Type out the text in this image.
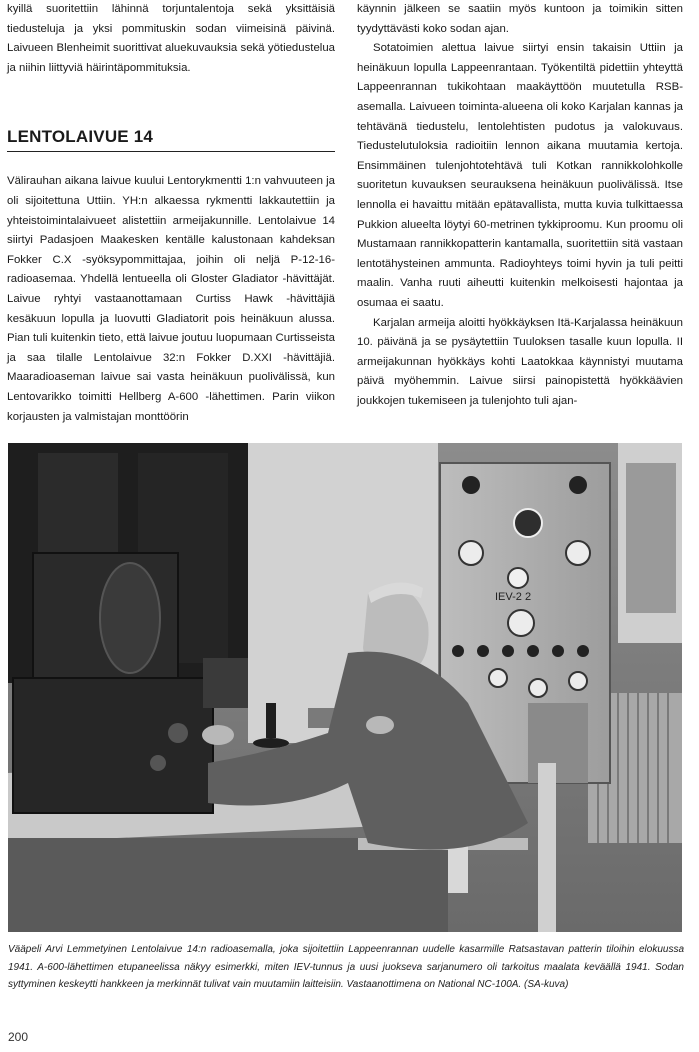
kyillä suoritettiin lähinnä torjuntalentoja sekä yksittäisiä tiedusteluja ja yksi pommituskin sodan viimeisinä päivinä. Laivueen Blenheimit suorittivat aluekuvauksia sekä yötiedustelua ja niihin liittyviä häirintäpommituksia.

LENTOLAIVUE 14

Välirauhan aikana laivue kuului Lentorykmentti 1:n vahvuuteen ja oli sijoitettuna Uttiin. YH:n alkaessa rykmentti lakkautettiin ja yhteistoimintalaivueet alistettiin armeijakunnille. Lentolaivue 14 siirtyi Padasjoen Maakesken kentälle kalustonaan kahdeksan Fokker C.X -syöksypommittajaa, joihin oli neljä P-12-16-radioasemaa. Yhdellä lentueella oli Gloster Gladiator -hävittäjät. Laivue ryhtyi vastaanottamaan Curtiss Hawk -hävittäjiä kesäkuun lopulla ja luovutti Gladiatorit pois heinäkuun alussa. Pian tuli kuitenkin tieto, että laivue joutuu luopumaan Curtisseista ja saa tilalle Lentolaivue 32:n Fokker D.XXI -hävittäjiä. Maaradioaseman laivue sai vasta heinäkuun puolivälissä, kun Lentovarikko toimitti Hellberg A-600 -lähettimen. Parin viikon korjausten ja valmistajan monttöörin

käynnin jälkeen se saatiin myös kuntoon ja toimikin sitten tyydyttävästi koko sodan ajan.

Sotatoimien alettua laivue siirtyi ensin takaisin Uttiin ja heinäkuun lopulla Lappeenrantaan. Työkentiltä pidettiin yhteyttä Lappeenrannan tukikohtaan maakäyttöön muutetulla RSB-asemalla. Laivueen toiminta-alueena oli koko Karjalan kannas ja tehtävänä tiedustelu, lentolehtisten pudotus ja valokuvaus. Tiedustelutuloksia radioitiin lennon aikana muutamia kertoja. Ensimmäinen tulenjohtotehtävä tuli Kotkan rannikkolohkolle suoritetun kuvauksen seurauksena heinäkuun puolivälissä. Itse lennolla ei havaittu mitään epätavallista, mutta kuvia tulkittaessa Pukkion alueelta löytyi 60-metrinen tykkiproomu. Kun proomu oli Mustamaan rannikkopatterin kantamalla, suoritettiin sitä vastaan lentotähysteinen ammunta. Radioyhteys toimi hyvin ja tuli peitti maalin. Vanha ruuti aiheutti kuitenkin melkoisesti hajontaa ja osumaa ei saatu.

Karjalan armeija aloitti hyökkäyksen Itä-Karjalassa heinäkuun 10. päivänä ja se pysäytettiin Tuuloksen tasalle kuun lopulla. II armeijakunnan hyökkäys kohti Laatokkaa käynnistyi muutama päivä myöhemmin. Laivue siirsi painopistettä hyökkäävien joukkojen tukemiseen ja tulenjohto tuli ajan-

IEV-2 2
Vääpeli Arvi Lemmetyinen Lentolaivue 14:n radioasemalla, joka sijoitettiin Lappeenrannan uudelle kasarmille Ratsastavan patterin tiloihin elokuussa 1941. A-600-lähettimen etupaneelissa näkyy esimerkki, miten IEV-tunnus ja uusi juokseva sarjanumero oli tarkoitus maalata keväällä 1941. Sodan syttyminen keskeytti hankkeen ja merkinnät tulivat vain muutamiin laitteisiin. Vastaanottimena on National NC-100A. (SA-kuva)
200
